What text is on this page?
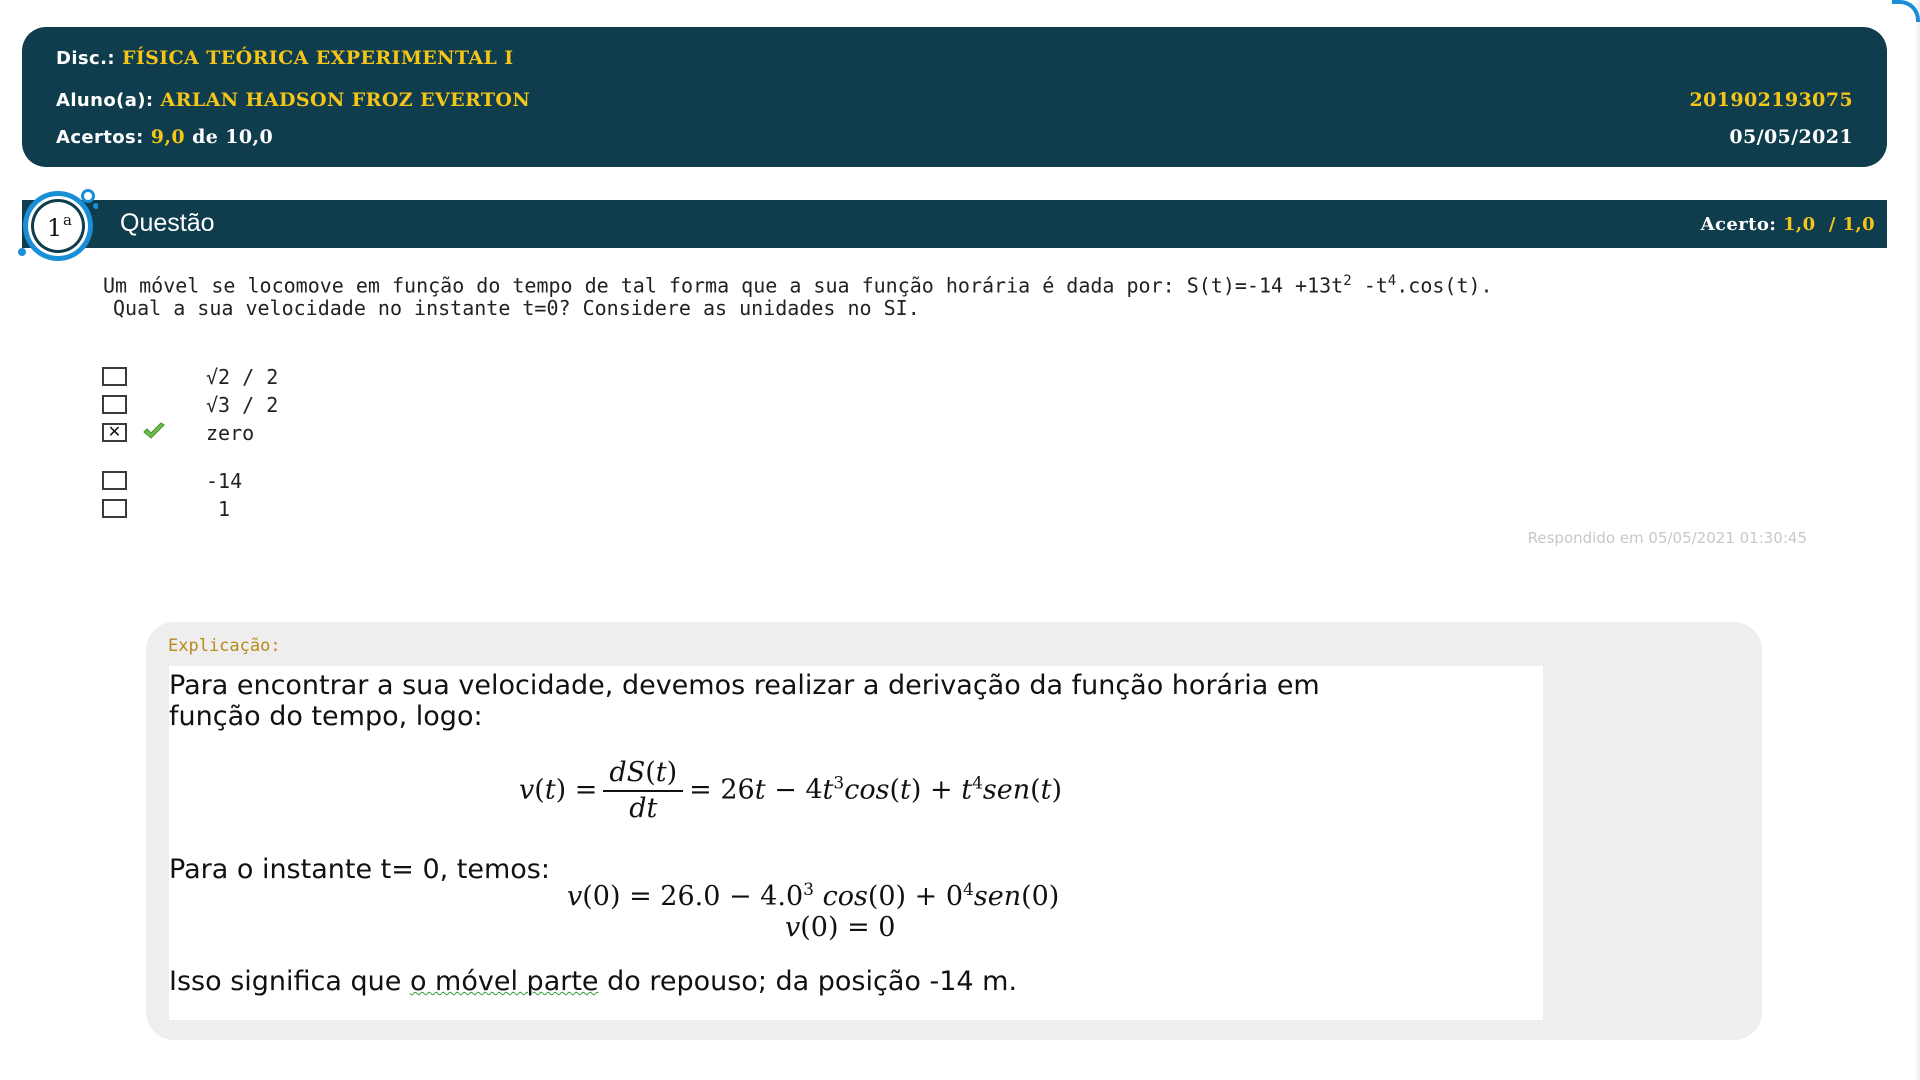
Disc.: FÍSICA TEÓRICA EXPERIMENTAL I
Aluno(a): ARLAN HADSON FROZ EVERTON	201902193075
Acertos: 9,0 de 10,0	05/05/2021
Questão	Acerto: 1,0  / 1,0
1 a
Um móvel se locomove em função do tempo de tal forma que a sua função horária é dada por: $S(t)=-14 +13t^2$ $-t^4.\cos(t)$.
Qual a sua velocidade no instante t=0? Considere as unidades no SI.
√2 / 2
√3 / 2
✕	zero
-14
1
Respondido em 05/05/2021 01:30:45
Explicação:
Para encontrar a sua velocidade, devemos realizar a derivação da função horária em
função do tempo, logo:
$v(t) = \frac{dS(t)}{dt} = 26t - 4t^3\cos(t) + t^4sen(t)$
Para o instante t= 0, temos:
$v(0) = 26.0 - 4.0^3$ $\cos(0) + 0^4sen(0)$
v(0) = 0
Isso significa que o móvel parte do repouso; da posição -14 m.
